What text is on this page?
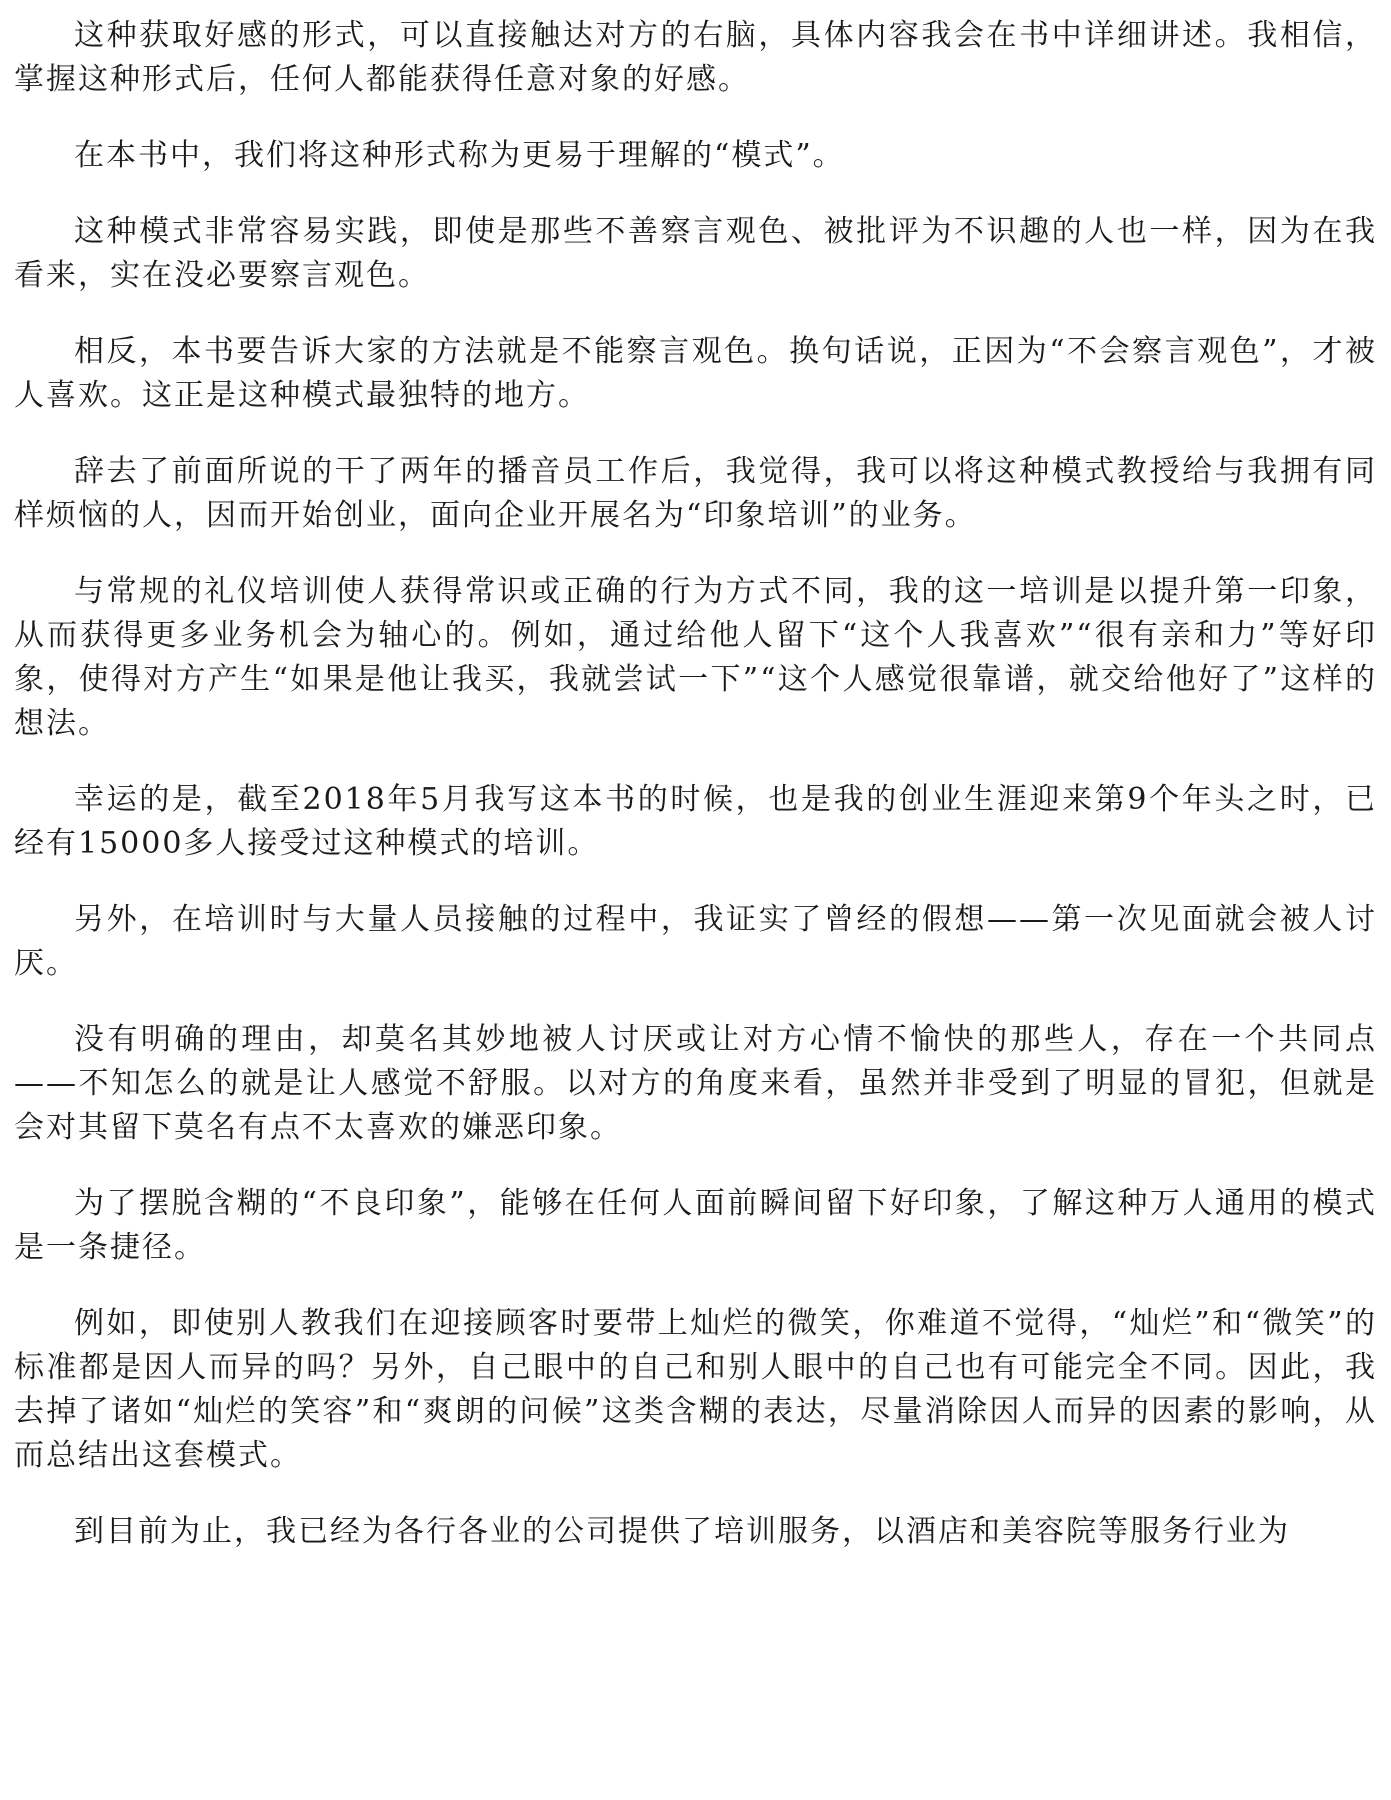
这种获取好感的形式，可以直接触达对方的右脑，具体内容我会在书中详细讲述。我相信，掌握这种形式后，任何人都能获得任意对象的好感。

在本书中，我们将这种形式称为更易于理解的“模式”。

这种模式非常容易实践，即使是那些不善察言观色、被批评为不识趣的人也一样，因为在我看来，实在没必要察言观色。

相反，本书要告诉大家的方法就是不能察言观色。换句话说，正因为“不会察言观色”，才被人喜欢。这正是这种模式最独特的地方。

辞去了前面所说的干了两年的播音员工作后，我觉得，我可以将这种模式教授给与我拥有同样烦恼的人，因而开始创业，面向企业开展名为“印象培训”的业务。

与常规的礼仪培训使人获得常识或正确的行为方式不同，我的这一培训是以提升第一印象，从而获得更多业务机会为轴心的。例如，通过给他人留下“这个人我喜欢”“很有亲和力”等好印象，使得对方产生“如果是他让我买，我就尝试一下”“这个人感觉很靠谱，就交给他好了”这样的想法。

幸运的是，截至2018年5月我写这本书的时候，也是我的创业生涯迎来第9个年头之时，已经有15000多人接受过这种模式的培训。

另外，在培训时与大量人员接触的过程中，我证实了曾经的假想——第一次见面就会被人讨厌。

没有明确的理由，却莫名其妙地被人讨厌或让对方心情不愉快的那些人，存在一个共同点——不知怎么的就是让人感觉不舒服。以对方的角度来看，虽然并非受到了明显的冒犯，但就是会对其留下莫名有点不太喜欢的嫌恶印象。

为了摆脱含糊的“不良印象”，能够在任何人面前瞬间留下好印象，了解这种万人通用的模式是一条捷径。

例如，即使别人教我们在迎接顾客时要带上灿烂的微笑，你难道不觉得，“灿烂”和“微笑”的标准都是因人而异的吗？另外，自己眼中的自己和别人眼中的自己也有可能完全不同。因此，我去掉了诸如“灿烂的笑容”和“爽朗的问候”这类含糊的表达，尽量消除因人而异的因素的影响，从而总结出这套模式。

到目前为止，我已经为各行各业的公司提供了培训服务，以酒店和美容院等服务行业为
